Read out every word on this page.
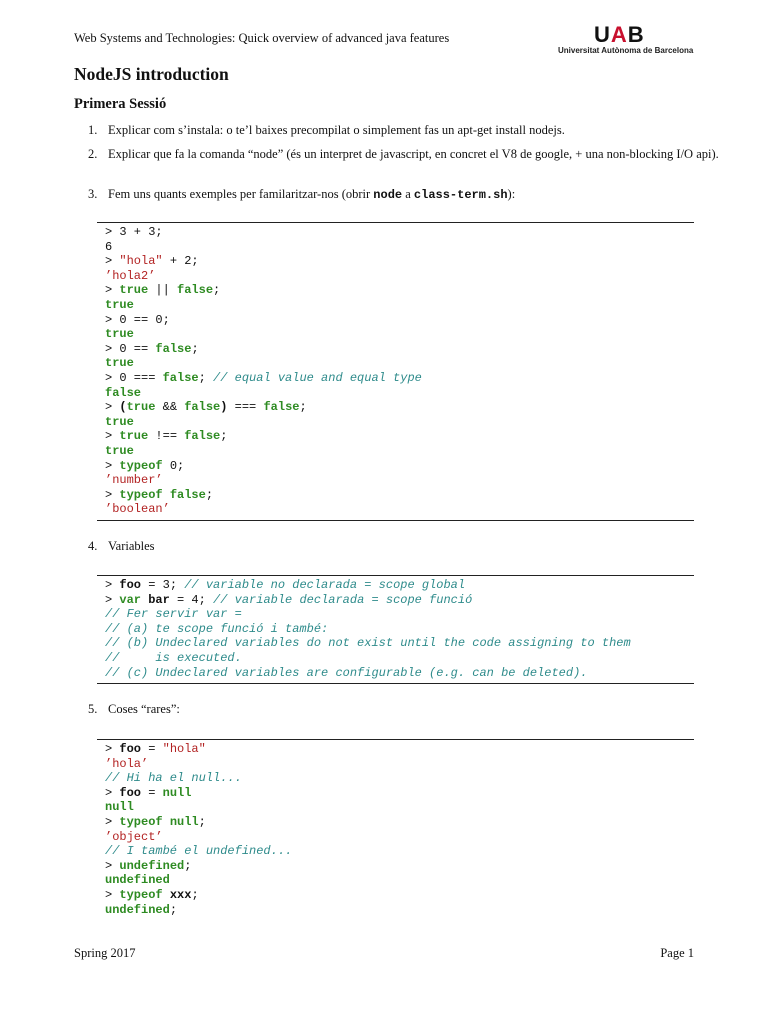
Web Systems and Technologies: Quick overview of advanced java features	UAB
Universitat Autònoma de Barcelona
NodeJS introduction
Primera Sessió
1. Explicar com s’instala: o te’l baixes precompilat o simplement fas un apt-get install nodejs.
2. Explicar que fa la comanda “node” (és un interpret de javascript, en concret el V8 de google, + una non-blocking I/O api).
3. Fem uns quants exemples per familaritzar-nos (obrir node a class-term.sh):
> 3 + 3;
6
> "hola" + 2;
’hola2’
> true || false;
true
> 0 == 0;
true
> 0 == false;
true
> 0 === false; // equal value and equal type
false
> (true && false) === false;
true
> true !== false;
true
> typeof 0;
’number’
> typeof false;
’boolean’
4. Variables
> foo = 3; // variable no declarada = scope global
> var bar = 4; // variable declarada = scope funció
// Fer servir var =
// (a) te scope funció i també:
// (b) Undeclared variables do not exist until the code assigning to them
//     is executed.
// (c) Undeclared variables are configurable (e.g. can be deleted).
5. Coses “rares”:
> foo = "hola"
’hola’
// Hi ha el null...
> foo = null
null
> typeof null;
’object’
// I també el undefined...
> undefined;
undefined
> typeof xxx;
undefined;
Spring 2017	Page 1
